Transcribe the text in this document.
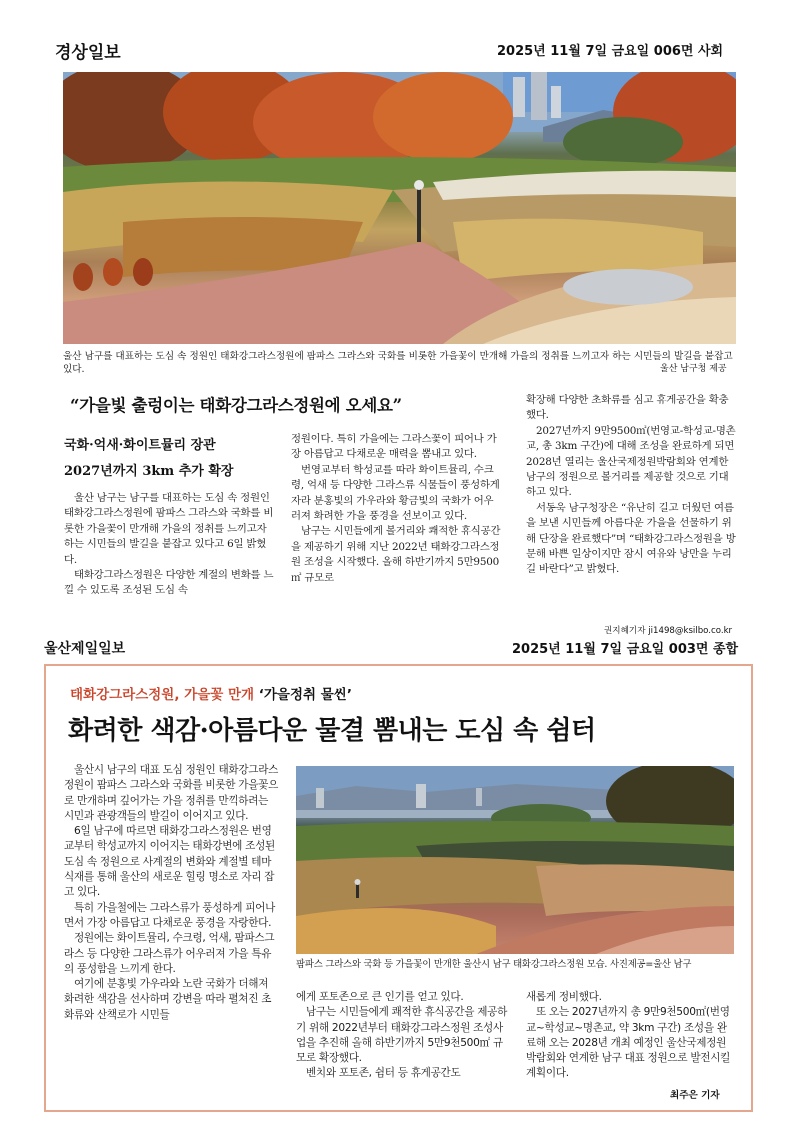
경상일보	2025년 11월 7일 금요일 006면 사회
울산 남구를 대표하는 도심 속 정원인 태화강그라스정원에 팜파스 그라스와 국화를 비롯한 가을꽃이 만개해 가을의 정취를 느끼고자 하는 시민들의 발길을 붙잡고 있다.	울산 남구청 제공
“가을빛 출렁이는 태화강그라스정원에 오세요”
국화·억새·화이트뮬리 장관
2027년까지 3km 추가 확장

울산 남구는 남구를 대표하는 도심 속 정원인 태화강그라스정원에 팜파스 그라스와 국화를 비롯한 가을꽃이 만개해 가을의 정취를 느끼고자 하는 시민들의 발길을 붙잡고 있다고 6일 밝혔다.

태화강그라스정원은 다양한 계절의 변화를 느낄 수 있도록 조성된 도심 속

정원이다. 특히 가을에는 그라스꽃이 피어나 가장 아름답고 다채로운 매력을 뽐내고 있다.

번영교부터 학성교를 따라 화이트뮬리, 수크령, 억새 등 다양한 그라스류 식물들이 풍성하게 자라 분홍빛의 가우라와 황금빛의 국화가 어우러져 화려한 가을 풍경을 선보이고 있다.

남구는 시민들에게 볼거리와 쾌적한 휴식공간을 제공하기 위해 지난 2022년 태화강그라스정원 조성을 시작했다. 올해 하반기까지 5만9500㎡ 규모로

확장해 다양한 초화류를 심고 휴게공간을 확충했다.

2027년까지 9만9500㎡(번영교-학성교-명촌교, 총 3km 구간)에 대해 조성을 완료하게 되면 2028년 열리는 울산국제정원박람회와 연계한 남구의 정원으로 볼거리를 제공할 것으로 기대하고 있다.

서동욱 남구청장은 “유난히 길고 더웠던 여름을 보낸 시민들께 아름다운 가을을 선물하기 위해 단장을 완료했다”며 “태화강그라스정원을 방문해 바쁜 일상이지만 잠시 여유와 낭만을 누리길 바란다”고 밝혔다.

권지혜기자 ji1498@ksilbo.co.kr
울산제일일보	2025년 11월 7일 금요일 003면 종합
태화강그라스정원, 가을꽃 만개 ‘가을정취 물씬’
화려한 색감·아름다운 물결 뽐내는 도심 속 쉼터

울산시 남구의 대표 도심 정원인 태화강그라스정원이 팜파스 그라스와 국화를 비롯한 가을꽃으로 만개하며 깊어가는 가을 정취를 만끽하려는 시민과 관광객들의 발길이 이어지고 있다.

6일 남구에 따르면 태화강그라스정원은 번영교부터 학성교까지 이어지는 태화강변에 조성된 도심 속 정원으로 사계절의 변화와 계절별 테마 식재를 통해 울산의 새로운 힐링 명소로 자리 잡고 있다.

특히 가을철에는 그라스류가 풍성하게 피어나면서 가장 아름답고 다채로운 풍경을 자랑한다.

정원에는 화이트뮬리, 수크령, 억새, 팜파스그라스 등 다양한 그라스류가 어우러져 가을 특유의 풍성함을 느끼게 한다.

여기에 분홍빛 가우라와 노란 국화가 더해져 화려한 색감을 선사하며 강변을 따라 펼쳐진 초화류와 산책로가 시민들

팜파스 그라스와 국화 등 가을꽃이 만개한 울산시 남구 태화강그라스정원 모습. 사진제공=울산 남구

에게 포토존으로 큰 인기를 얻고 있다.

남구는 시민들에게 쾌적한 휴식공간을 제공하기 위해 2022년부터 태화강그라스정원 조성사업을 추진해 올해 하반기까지 5만9천500㎡ 규모로 확장했다.

벤치와 포토존, 쉼터 등 휴게공간도

새롭게 정비했다.

또 오는 2027년까지 총 9만9천500㎡(번영교~학성교~명촌교, 약 3km 구간) 조성을 완료해 오는 2028년 개최 예정인 울산국제정원박람회와 연계한 남구 대표 정원으로 발전시킬 계획이다.

최주은 기자
